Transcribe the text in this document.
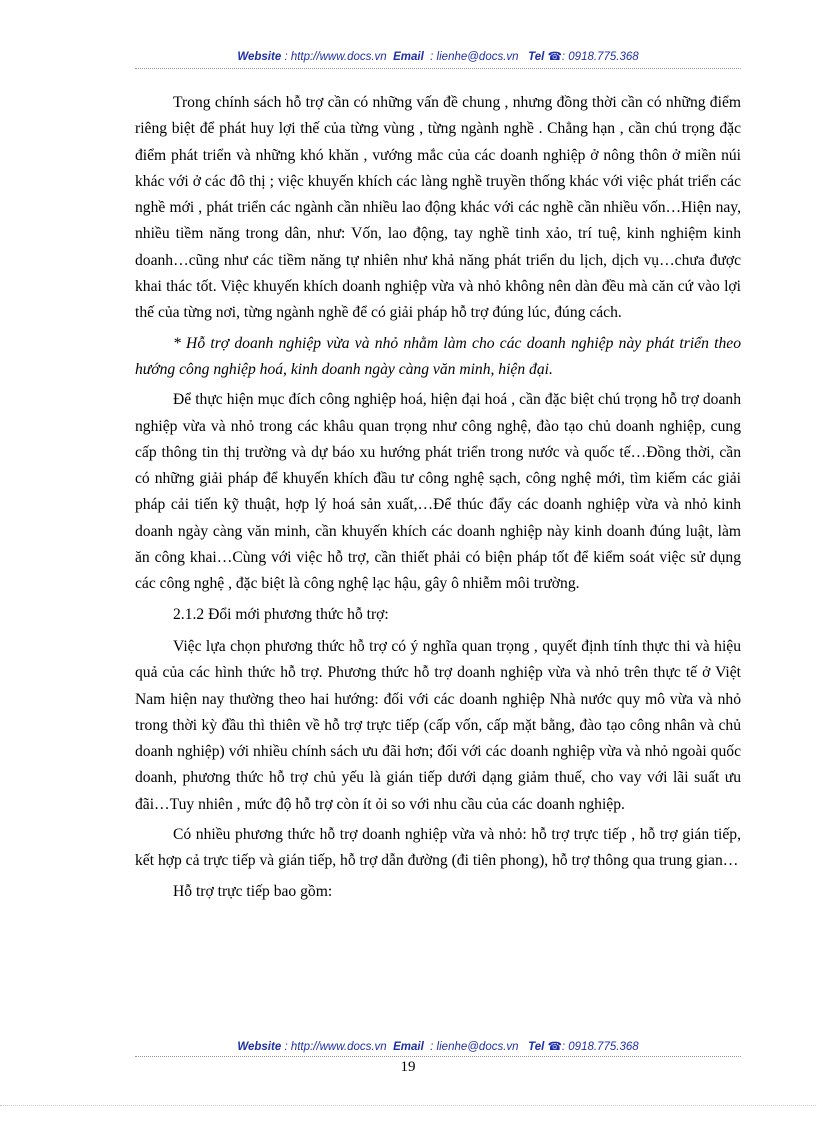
Website : http://www.docs.vn Email : lienhe@docs.vn Tel ☎: 0918.775.368

Trong chính sách hỗ trợ cần có những vấn đề chung , nhưng đồng thời cần có những điểm riêng biệt để phát huy lợi thế của từng vùng , từng ngành nghề . Chẳng hạn , cần chú trọng đặc điểm phát triển và những khó khăn , vướng mắc của các doanh nghiệp ở nông thôn ở miền núi khác với ở các đô thị ; việc khuyến khích các làng nghề truyền thống khác với việc phát triển các nghề mới , phát triển các ngành cần nhiều lao động khác với các nghề cần nhiều vốn…Hiện nay, nhiều tiềm năng trong dân, như: Vốn, lao động, tay nghề tinh xảo, trí tuệ, kinh nghiệm kinh doanh…cũng như các tiềm năng tự nhiên như khả năng phát triển du lịch, dịch vụ…chưa được khai thác tốt. Việc khuyến khích doanh nghiệp vừa và nhỏ không nên dàn đều mà căn cứ vào lợi thế của từng nơi, từng ngành nghề để có giải pháp hỗ trợ đúng lúc, đúng cách.

* Hỗ trợ doanh nghiệp vừa và nhỏ nhằm làm cho các doanh nghiệp này phát triển theo hướng công nghiệp hoá, kinh doanh ngày càng văn minh, hiện đại.

Để thực hiện mục đích công nghiệp hoá, hiện đại hoá , cần đặc biệt chú trọng hỗ trợ doanh nghiệp vừa và nhỏ trong các khâu quan trọng như công nghệ, đào tạo chủ doanh nghiệp, cung cấp thông tin thị trường và dự báo xu hướng phát triển trong nước và quốc tế…Đồng thời, cần có những giải pháp để khuyến khích đầu tư công nghệ sạch, công nghệ mới, tìm kiếm các giải pháp cải tiến kỹ thuật, hợp lý hoá sản xuất,…Để thúc đẩy các doanh nghiệp vừa và nhỏ kinh doanh ngày càng văn minh, cần khuyến khích các doanh nghiệp này kinh doanh đúng luật, làm ăn công khai…Cùng với việc hỗ trợ, cần thiết phải có biện pháp tốt để kiểm soát việc sử dụng các công nghệ , đặc biệt là công nghệ lạc hậu, gây ô nhiễm môi trường.

2.1.2 Đổi mới phương thức hỗ trợ:

Việc lựa chọn phương thức hỗ trợ có ý nghĩa quan trọng , quyết định tính thực thi và hiệu quả của các hình thức hỗ trợ. Phương thức hỗ trợ doanh nghiệp vừa và nhỏ trên thực tế ở Việt Nam hiện nay thường theo hai hướng: đối với các doanh nghiệp Nhà nước quy mô vừa và nhỏ trong thời kỳ đầu thì thiên về hỗ trợ trực tiếp (cấp vốn, cấp mặt bằng, đào tạo công nhân và chủ doanh nghiệp) với nhiều chính sách ưu đãi hơn; đối với các doanh nghiệp vừa và nhỏ ngoài quốc doanh, phương thức hỗ trợ chủ yếu là gián tiếp dưới dạng giảm thuế, cho vay với lãi suất ưu đãi…Tuy nhiên , mức độ hỗ trợ còn ít ỏi so với nhu cầu của các doanh nghiệp.

Có nhiều phương thức hỗ trợ doanh nghiệp vừa và nhỏ: hỗ trợ trực tiếp , hỗ trợ gián tiếp, kết hợp cả trực tiếp và gián tiếp, hỗ trợ dẫn đường (đi tiên phong), hỗ trợ thông qua trung gian…

Hỗ trợ trực tiếp bao gồm:

Website : http://www.docs.vn Email : lienhe@docs.vn Tel ☎: 0918.775.368
19
